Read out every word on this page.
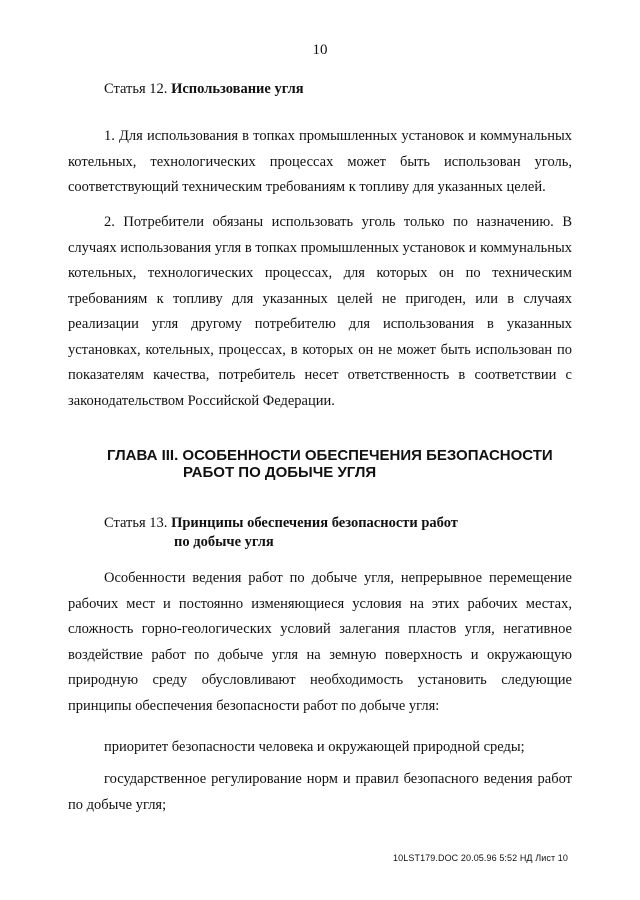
10
Статья 12. Использование угля

1. Для использования в топках промышленных установок и коммунальных котельных, технологических процессах может быть использован уголь, соответствующий техническим требованиям к топливу для указанных целей.

2. Потребители обязаны использовать уголь только по назначению. В случаях использования угля в топках промышленных установок и коммунальных котельных, технологических процессах, для которых он по техническим требованиям к топливу для указанных целей не пригоден, или в случаях реализации угля другому потребителю для использования в указанных установках, котельных, процессах, в которых он не может быть использован по показателям качества, потребитель несет ответственность в соответствии с законодательством Российской Федерации.

ГЛАВА III. ОСОБЕННОСТИ ОБЕСПЕЧЕНИЯ БЕЗОПАСНОСТИ
РАБОТ ПО ДОБЫЧЕ УГЛЯ
Статья 13. Принципы обеспечения безопасности работ
по добыче угля

Особенности ведения работ по добыче угля, непрерывное перемещение рабочих мест и постоянно изменяющиеся условия на этих рабочих местах, сложность горно-геологических условий залегания пластов угля, негативное воздействие работ по добыче угля на земную поверхность и окружающую природную среду обусловливают необходимость установить следующие принципы обеспечения безопасности работ по добыче угля:

приоритет безопасности человека и окружающей природной среды;

государственное регулирование норм и правил безопасного ведения работ по добыче угля;

10LST179.DOC 20.05.96 5:52 НД Лист 10
